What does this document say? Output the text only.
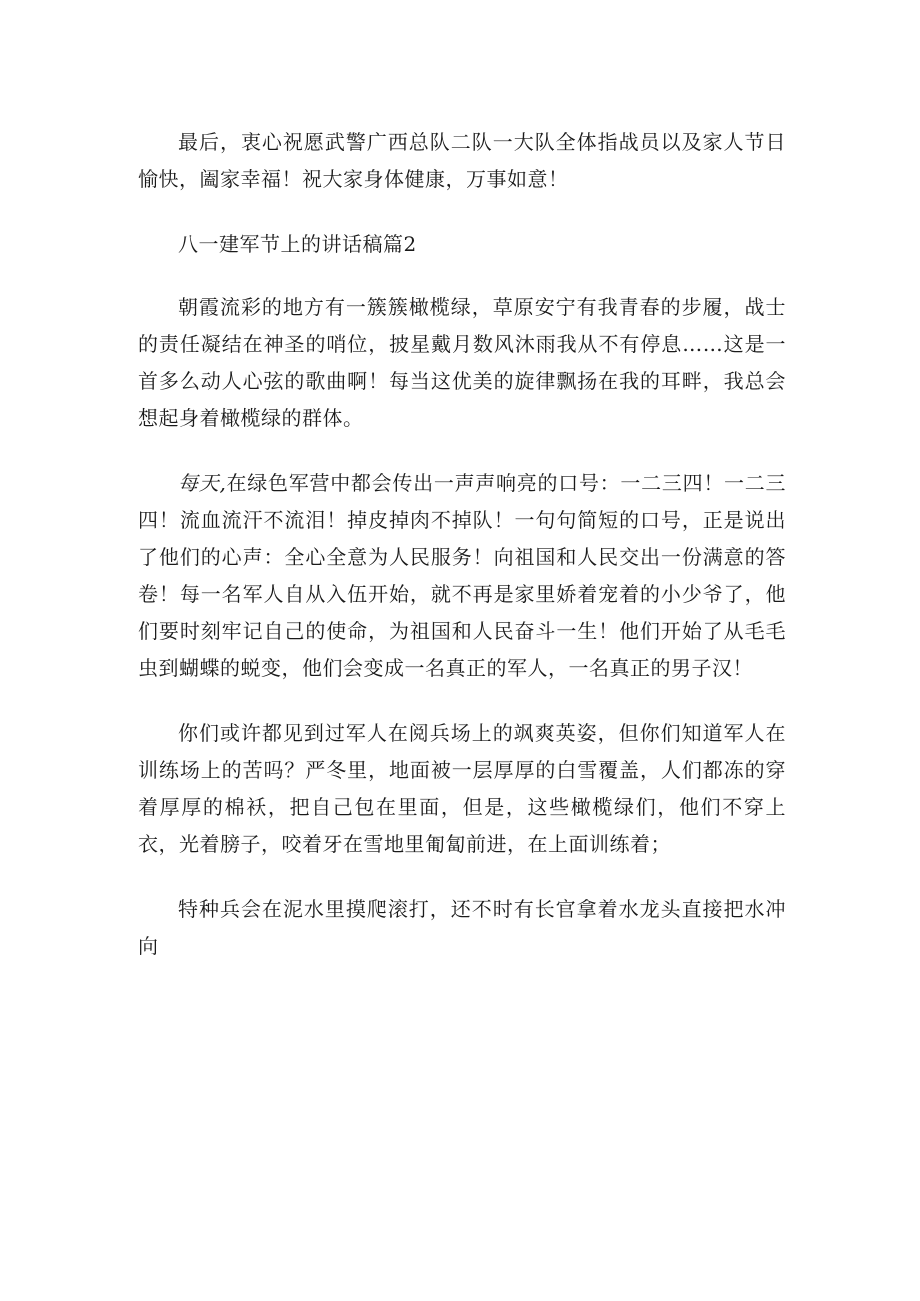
最后，衷心祝愿武警广西总队二队一大队全体指战员以及家人节日愉快，阖家幸福！祝大家身体健康，万事如意！

八一建军节上的讲话稿篇2

朝霞流彩的地方有一簇簇橄榄绿，草原安宁有我青春的步履，战士的责任凝结在神圣的哨位，披星戴月数风沐雨我从不有停息……这是一首多么动人心弦的歌曲啊！每当这优美的旋律飘扬在我的耳畔，我总会想起身着橄榄绿的群体。

每天,在绿色军营中都会传出一声声响亮的口号：一二三四！一二三四！流血流汗不流泪！掉皮掉肉不掉队！一句句简短的口号，正是说出了他们的心声：全心全意为人民服务！向祖国和人民交出一份满意的答卷！每一名军人自从入伍开始，就不再是家里娇着宠着的小少爷了，他们要时刻牢记自己的使命，为祖国和人民奋斗一生！他们开始了从毛毛虫到蝴蝶的蜕变，他们会变成一名真正的军人，一名真正的男子汉！

你们或许都见到过军人在阅兵场上的飒爽英姿，但你们知道军人在训练场上的苦吗？严冬里，地面被一层厚厚的白雪覆盖，人们都冻的穿着厚厚的棉袄，把自己包在里面，但是，这些橄榄绿们，他们不穿上衣，光着膀子，咬着牙在雪地里匍匐前进，在上面训练着；

特种兵会在泥水里摸爬滚打，还不时有长官拿着水龙头直接把水冲向
